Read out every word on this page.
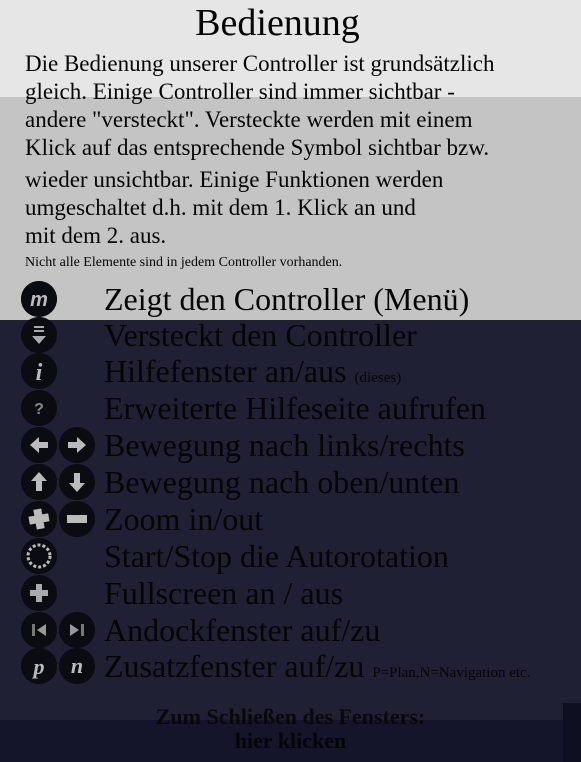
Bedienung

Die Bedienung unserer Controller ist grundsätzlich

gleich. Einige Controller sind immer sichtbar -

andere "versteckt". Versteckte werden mit einem

Klick auf das entsprechende Symbol sichtbar bzw.

wieder unsichtbar. Einige Funktionen werden

umgeschaltet d.h. mit dem 1. Klick an und

mit dem 2. aus.

Nicht alle Elemente sind in jedem Controller vorhanden.
m Zeigt den Controller (Menü)
Versteckt den Controller
i Hilfefenster an/aus (dieses)
? Erweiterte Hilfeseite aufrufen
Bewegung nach links/rechts
Bewegung nach oben/unten
Zoom in/out
Start/Stop die Autorotation
Fullscreen an / aus
Andockfenster auf/zu
p n Zusatzfenster auf/zu P=Plan,N=Navigation etc.
Zum Schließen des Fensters:
hier klicken
